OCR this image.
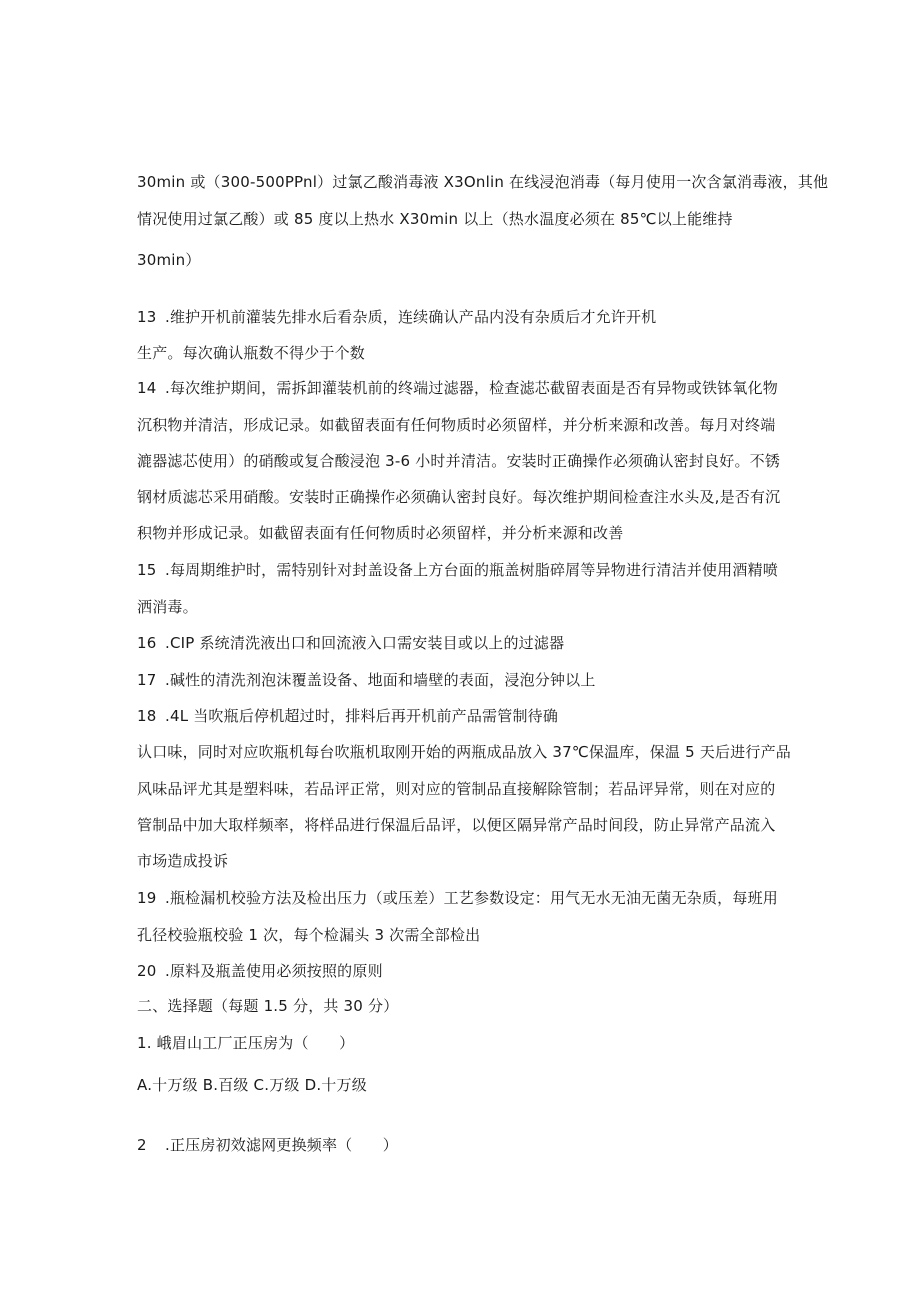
30min 或（300-500PPnl）过氯乙酸消毒液 X3Onlin 在线浸泡消毒（每月使用一次含氯消毒液，其他
情况使用过氯乙酸）或 85 度以上热水 X30min 以上（热水温度必须在 85℃以上能维持
30min）
13 .维护开机前灌装先排水后看杂质，连续确认产品内没有杂质后才允许开机
生产。每次确认瓶数不得少于个数
14 .每次维护期间，需拆卸灌装机前的终端过滤器，检查滤芯截留表面是否有异物或铁钵氧化物
沉积物并清洁，形成记录。如截留表面有任何物质时必须留样，并分析来源和改善。每月对终端
漉器滤芯使用）的硝酸或复合酸浸泡 3-6 小时并清洁。安装时正确操作必须确认密封良好。不锈
钢材质滤芯采用硝酸。安装时正确操作必须确认密封良好。每次维护期间检查注水头及,是否有沉
积物并形成记录。如截留表面有任何物质时必须留样，并分析来源和改善
15 .每周期维护时，需特别针对封盖设备上方台面的瓶盖树脂碎屑等异物进行清洁并使用酒精喷
洒消毒。
16 .CIP 系统清洗液出口和回流液入口需安装目或以上的过滤器
17 .碱性的清洗剂泡沫覆盖设备、地面和墙壁的表面，浸泡分钟以上
18 .4L 当吹瓶后停机超过时，排料后再开机前产品需管制待确
认口味，同时对应吹瓶机每台吹瓶机取刚开始的两瓶成品放入 37℃保温库，保温 5 天后进行产品
风味品评尤其是塑料味，若品评正常，则对应的管制品直接解除管制；若品评异常，则在对应的
管制品中加大取样频率，将样品进行保温后品评，以便区隔异常产品时间段，防止异常产品流入
市场造成投诉
19 .瓶检漏机校验方法及检出压力（或压差）工艺参数设定：用气无水无油无菌无杂质，每班用
孔径校验瓶校验 1 次，每个检漏头 3 次需全部检出
20 .原料及瓶盖使用必须按照的原则
二、选择题（每题 1.5 分，共 30 分）
1. 峨眉山工厂正压房为（　　）
A.十万级 B.百级 C.万级 D.十万级
2 .正压房初效滤网更换频率（　　）
